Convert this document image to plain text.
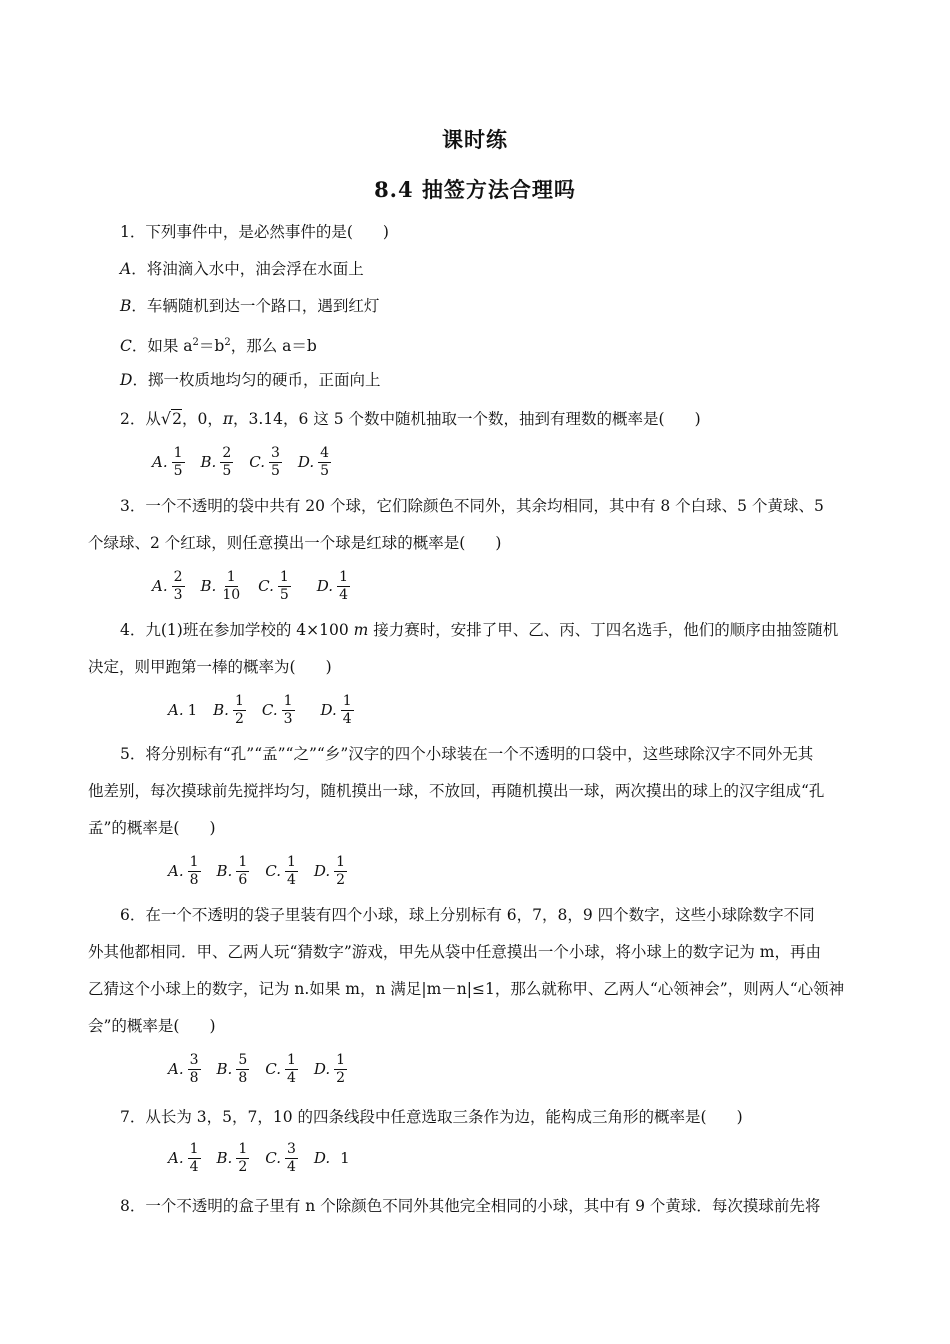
课时练
8.4 抽签方法合理吗
1．下列事件中，是必然事件的是( )
A．将油滴入水中，油会浮在水面上
B．车辆随机到达一个路口，遇到红灯
C．如果 $a^2=b^2$，那么 a＝b
D．掷一枚质地均匀的硬币，正面向上
2．从√2，0，π，3.14，6 这 5 个数中随机抽取一个数，抽到有理数的概率是( )
A. $\frac{1}{5} B$. $\frac{2}{5} C$. $\frac{3}{5} D$. $\frac{4}{5}$
3．一个不透明的袋中共有 20 个球，它们除颜色不同外，其余均相同，其中有 8 个白球、5 个黄球、5
个绿球、2 个红球，则任意摸出一个球是红球的概率是( )
A. $\frac{2}{3} B$. $\frac{1}{10} C$. $\frac{1}{5} D$. $\frac{1}{4}$
4．九(1)班在参加学校的 4×100 m 接力赛时，安排了甲、乙、丙、丁四名选手，他们的顺序由抽签随机
决定，则甲跑第一棒的概率为( )
A. 1 B. $\frac{1}{2} C$. $\frac{1}{3} D$. $\frac{1}{4}$
5．将分别标有“孔”“孟”“之”“乡”汉字的四个小球装在一个不透明的口袋中，这些球除汉字不同外无其
他差别，每次摸球前先搅拌均匀，随机摸出一球，不放回，再随机摸出一球，两次摸出的球上的汉字组成“孔
孟”的概率是( )
A. $\frac{1}{8} B$. $\frac{1}{6} C$. $\frac{1}{4} D$. $\frac{1}{2}$
6．在一个不透明的袋子里装有四个小球，球上分别标有 6，7，8，9 四个数字，这些小球除数字不同
外其他都相同．甲、乙两人玩“猜数字”游戏，甲先从袋中任意摸出一个小球，将小球上的数字记为 m，再由
乙猜这个小球上的数字，记为 n.如果 m，n 满足|m－n|≤1，那么就称甲、乙两人“心领神会”，则两人“心领神
会”的概率是( )
A. $\frac{3}{8} B$. $\frac{5}{8} C$. $\frac{1}{4} D$. $\frac{1}{2}$
7．从长为 3，5，7，10 的四条线段中任意选取三条作为边，能构成三角形的概率是( )
A. $\frac{1}{4} B$. $\frac{1}{2} C$. $\frac{3}{4} D$. 1
8．一个不透明的盒子里有 n 个除颜色不同外其他完全相同的小球，其中有 9 个黄球．每次摸球前先将
